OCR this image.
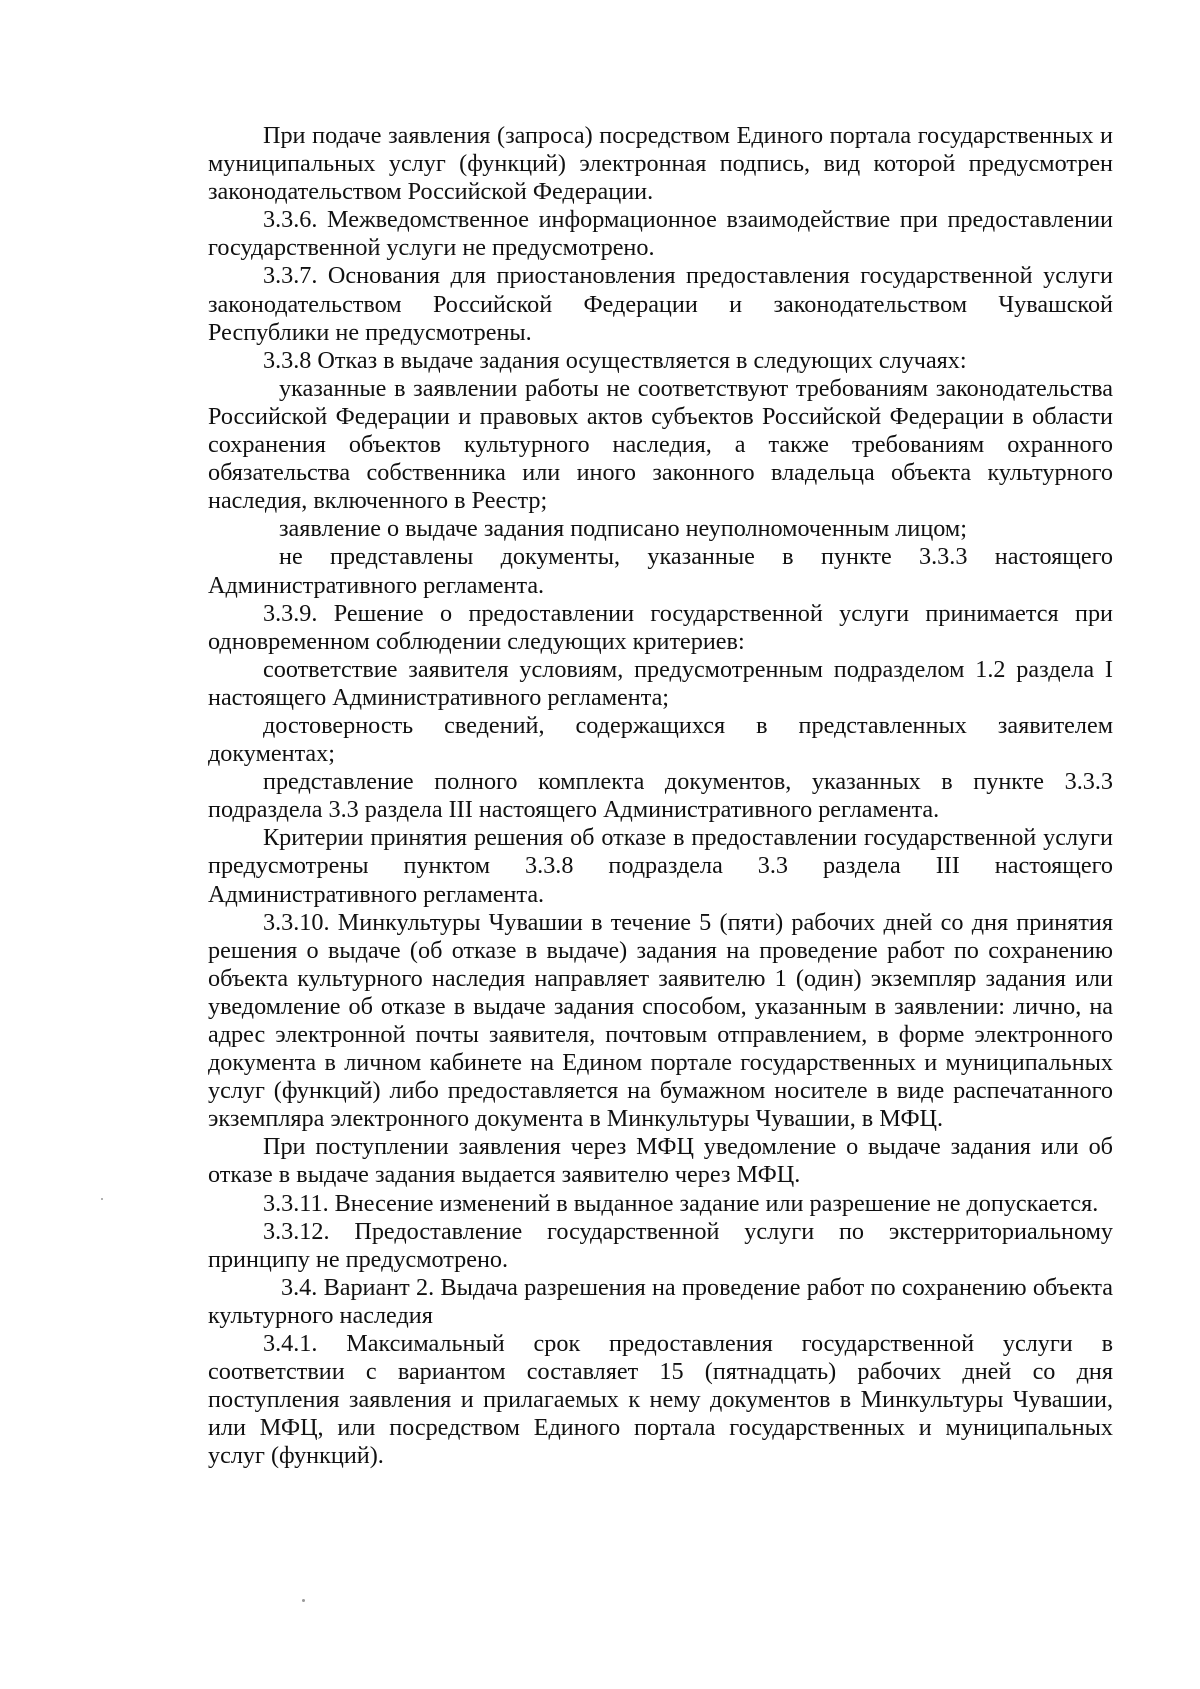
При подаче заявления (запроса) посредством Единого портала государственных и муниципальных услуг (функций) электронная подпись, вид которой предусмотрен законодательством Российской Федерации.

3.3.6. Межведомственное информационное взаимодействие при предоставлении государственной услуги не предусмотрено.

3.3.7. Основания для приостановления предоставления государственной услуги законодательством Российской Федерации и законодательством Чувашской Республики не предусмотрены.

3.3.8 Отказ в выдаче задания осуществляется в следующих случаях:

указанные в заявлении работы не соответствуют требованиям законодательства Российской Федерации и правовых актов субъектов Российской Федерации в области сохранения объектов культурного наследия, а также требованиям охранного обязательства собственника или иного законного владельца объекта культурного наследия, включенного в Реестр;

заявление о выдаче задания подписано неуполномоченным лицом;

не представлены документы, указанные в пункте 3.3.3 настоящего Административного регламента.

3.3.9. Решение о предоставлении государственной услуги принимается при одновременном соблюдении следующих критериев:

соответствие заявителя условиям, предусмотренным подразделом 1.2 раздела I настоящего Административного регламента;

достоверность сведений, содержащихся в представленных заявителем документах;

представление полного комплекта документов, указанных в пункте 3.3.3 подраздела 3.3 раздела III настоящего Административного регламента.

Критерии принятия решения об отказе в предоставлении государственной услуги предусмотрены пунктом 3.3.8 подраздела 3.3 раздела III настоящего Административного регламента.

3.3.10. Минкультуры Чувашии в течение 5 (пяти) рабочих дней со дня принятия решения о выдаче (об отказе в выдаче) задания на проведение работ по сохранению объекта культурного наследия направляет заявителю 1 (один) экземпляр задания или уведомление об отказе в выдаче задания способом, указанным в заявлении: лично, на адрес электронной почты заявителя, почтовым отправлением, в форме электронного документа в личном кабинете на Едином портале государственных и муниципальных услуг (функций) либо предоставляется на бумажном носителе в виде распечатанного экземпляра электронного документа в Минкультуры Чувашии, в МФЦ.

При поступлении заявления через МФЦ уведомление о выдаче задания или об отказе в выдаче задания выдается заявителю через МФЦ.

3.3.11. Внесение изменений в выданное задание или разрешение не допускается.

3.3.12. Предоставление государственной услуги по экстерриториальному принципу не предусмотрено.

3.4. Вариант 2. Выдача разрешения на проведение работ по сохранению объекта культурного наследия

3.4.1. Максимальный срок предоставления государственной услуги в соответствии с вариантом составляет 15 (пятнадцать) рабочих дней со дня поступления заявления и прилагаемых к нему документов в Минкультуры Чувашии, или МФЦ, или посредством Единого портала государственных и муниципальных услуг (функций).
